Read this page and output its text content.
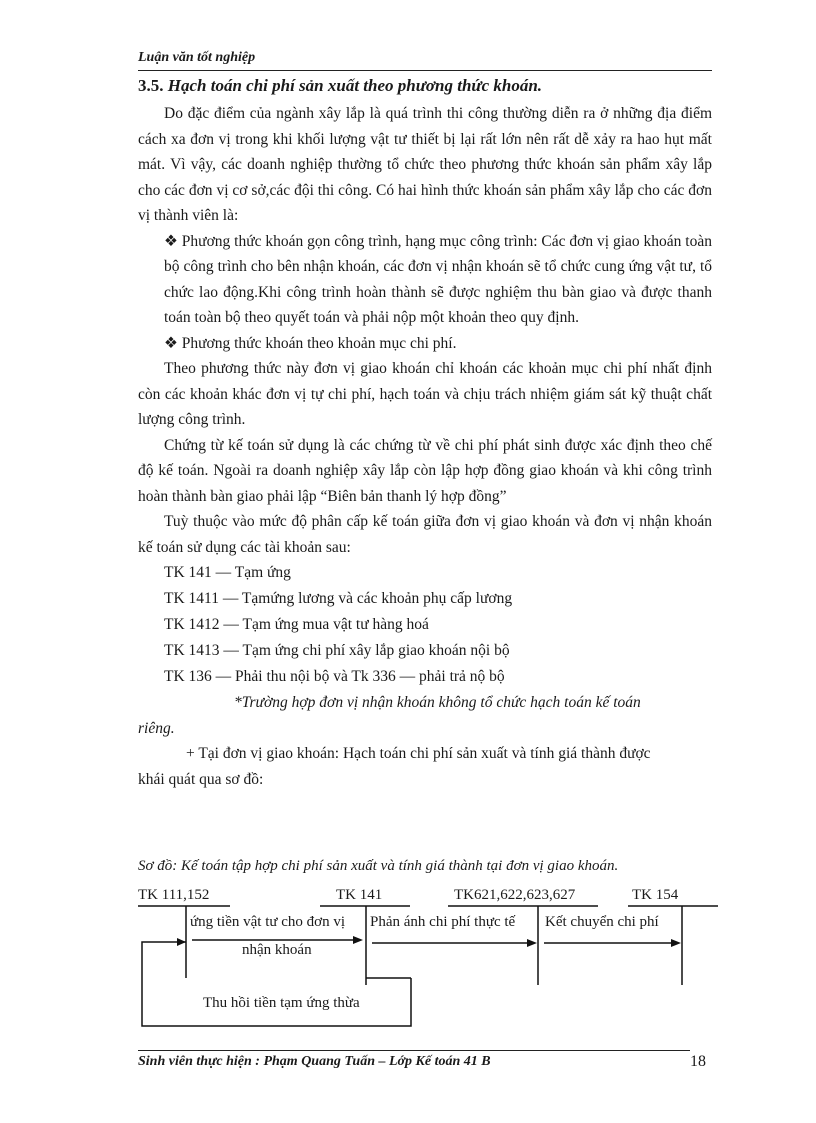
Luận văn tốt nghiệp
3.5. Hạch toán chi phí sản xuất theo phương thức khoán.

Do đặc điểm của ngành xây lắp là quá trình thi công thường diễn ra ở những địa điểm cách xa đơn vị trong khi khối lượng vật tư thiết bị lại rất lớn nên rất dễ xảy ra hao hụt mất mát. Vì vậy, các doanh nghiệp thường tổ chức theo phương thức khoán sản phẩm xây lắp cho các đơn vị cơ sở,các đội thi công. Có hai hình thức khoán sản phẩm xây lắp cho các đơn vị thành viên là:

❖ Phương thức khoán gọn công trình, hạng mục công trình: Các đơn vị giao khoán toàn bộ công trình cho bên nhận khoán, các đơn vị nhận khoán sẽ tổ chức cung ứng vật tư, tổ chức lao động.Khi công trình hoàn thành sẽ được nghiệm thu bàn giao và được thanh toán toàn bộ theo quyết toán và phải nộp một khoản theo quy định.

❖ Phương thức khoán theo khoản mục chi phí.

Theo phương thức này đơn vị giao khoán chỉ khoán các khoản mục chi phí nhất định còn các khoản khác đơn vị tự chi phí, hạch toán và chịu trách nhiệm giám sát kỹ thuật chất lượng công trình.

Chứng từ kế toán sử dụng là các chứng từ về chi phí phát sinh được xác định theo chế độ kế toán. Ngoài ra doanh nghiệp xây lắp còn lập hợp đồng giao khoán và khi công trình hoàn thành bàn giao phải lập “Biên bản thanh lý hợp đồng”

Tuỳ thuộc vào mức độ phân cấp kế toán giữa đơn vị giao khoán và đơn vị nhận khoán kế toán sử dụng các tài khoản sau:

TK 141 — Tạm ứng

TK 1411 — Tạmứng lương và các khoản phụ cấp lương

TK 1412 — Tạm ứng mua vật tư hàng hoá

TK 1413 — Tạm ứng chi phí xây lắp giao khoán nội bộ

TK 136 — Phải thu nội bộ và Tk 336 — phải trả nộ bộ

*Trường hợp đơn vị nhận khoán không tổ chức hạch toán kế toán

riêng.

+ Tại đơn vị giao khoán: Hạch toán chi phí sản xuất và tính giá thành được

khái quát qua sơ đồ:

Sơ đồ: Kế toán tập hợp chi phí sản xuất và tính giá thành tại đơn vị giao khoán.
TK 111,152	TK 141	TK621,622,623,627	TK 154
ứng tiền vật tư cho đơn vị
nhận khoán
Phản ánh chi phí thực tế Kết chuyển chi phí
Thu hồi tiền tạm ứng thừa
Sinh viên thực hiện : Phạm Quang Tuấn – Lớp Kế toán 41 B	18
